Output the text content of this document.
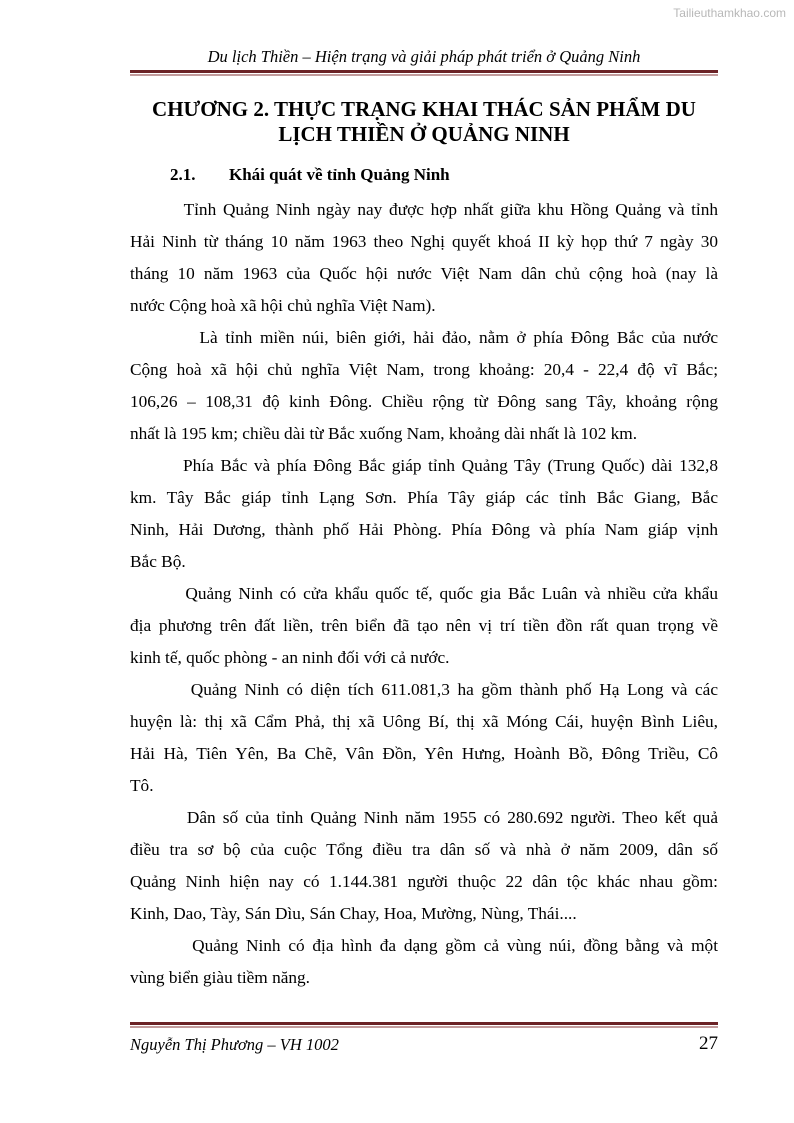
Tailieuthamkhao.com
Du lịch Thiền – Hiện trạng và giải pháp phát triển ở Quảng Ninh
CHƯƠNG 2. THỰC TRẠNG KHAI THÁC SẢN PHẨM DU
LỊCH THIỀN Ở QUẢNG NINH
2.1. Khái quát về tỉnh Quảng Ninh
Tỉnh Quảng Ninh ngày nay được hợp nhất giữa khu Hồng Quảng và tỉnh
Hải Ninh từ tháng 10 năm 1963 theo Nghị quyết khoá II kỳ họp thứ 7 ngày 30
tháng 10 năm 1963 của Quốc hội nước Việt Nam dân chủ cộng hoà (nay là
nước Cộng hoà xã hội chủ nghĩa Việt Nam).
Là tỉnh miền núi, biên giới, hải đảo, nằm ở phía Đông Bắc của nước
Cộng hoà xã hội chủ nghĩa Việt Nam, trong khoảng: 20,4 - 22,4 độ vĩ Bắc;
106,26 – 108,31 độ kinh Đông. Chiều rộng từ Đông sang Tây, khoảng rộng
nhất là 195 km; chiều dài từ Bắc xuống Nam, khoảng dài nhất là 102 km.
Phía Bắc và phía Đông Bắc giáp tỉnh Quảng Tây (Trung Quốc) dài 132,8
km. Tây Bắc giáp tỉnh Lạng Sơn. Phía Tây giáp các tỉnh Bắc Giang, Bắc
Ninh, Hải Dương, thành phố Hải Phòng. Phía Đông và phía Nam giáp vịnh
Bắc Bộ.
Quảng Ninh có cửa khẩu quốc tế, quốc gia Bắc Luân và nhiều cửa khẩu
địa phương trên đất liền, trên biển đã tạo nên vị trí tiền đồn rất quan trọng về
kinh tế, quốc phòng - an ninh đối với cả nước.
Quảng Ninh có diện tích 611.081,3 ha gồm thành phố Hạ Long và các
huyện là: thị xã Cẩm Phả, thị xã Uông Bí, thị xã Móng Cái, huyện Bình Liêu,
Hải Hà, Tiên Yên, Ba Chẽ, Vân Đồn, Yên Hưng, Hoành Bồ, Đông Triều, Cô
Tô.
Dân số của tỉnh Quảng Ninh năm 1955 có 280.692 người. Theo kết quả
điều tra sơ bộ của cuộc Tổng điều tra dân số và nhà ở năm 2009, dân số
Quảng Ninh hiện nay có 1.144.381 người thuộc 22 dân tộc khác nhau gồm:
Kinh, Dao, Tày, Sán Dìu, Sán Chay, Hoa, Mường, Nùng, Thái....
Quảng Ninh có địa hình đa dạng gồm cả vùng núi, đồng bằng và một
vùng biển giàu tiềm năng.
Nguyễn Thị Phương – VH 1002	27
